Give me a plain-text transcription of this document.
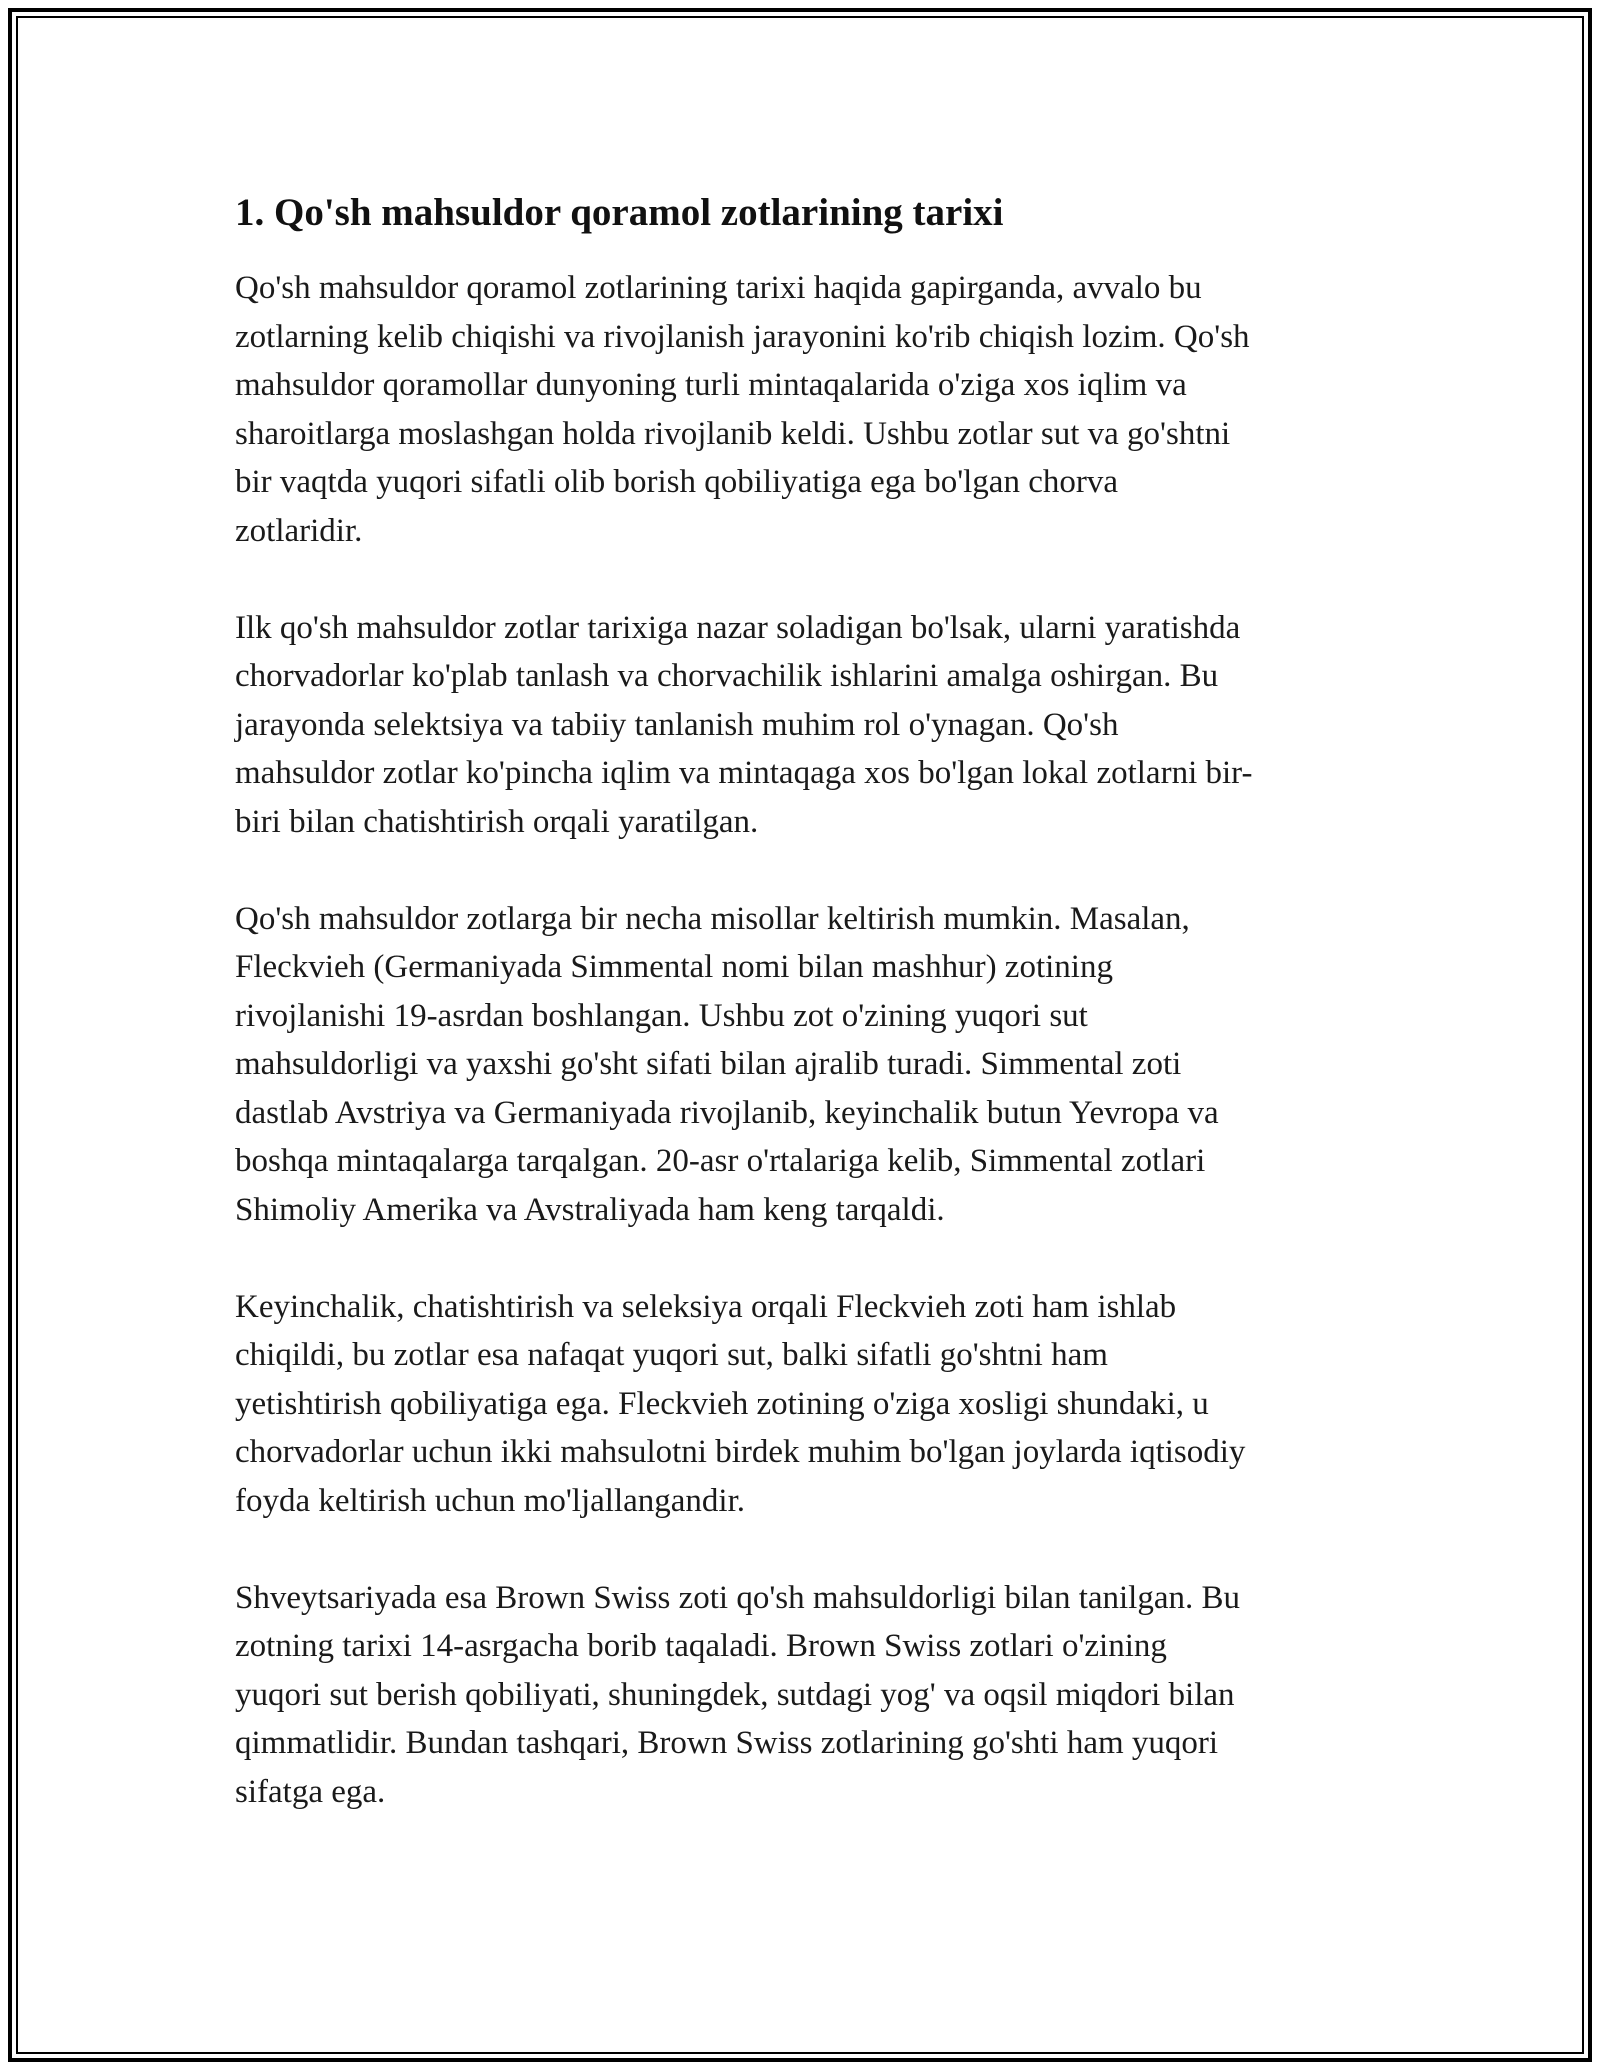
1. Qo'sh mahsuldor qoramol zotlarining tarixi

Qo'sh mahsuldor qoramol zotlarining tarixi haqida gapirganda, avvalo bu
zotlarning kelib chiqishi va rivojlanish jarayonini ko'rib chiqish lozim. Qo'sh
mahsuldor qoramollar dunyoning turli mintaqalarida o'ziga xos iqlim va
sharoitlarga moslashgan holda rivojlanib keldi. Ushbu zotlar sut va go'shtni
bir vaqtda yuqori sifatli olib borish qobiliyatiga ega bo'lgan chorva
zotlaridir.

Ilk qo'sh mahsuldor zotlar tarixiga nazar soladigan bo'lsak, ularni yaratishda
chorvadorlar ko'plab tanlash va chorvachilik ishlarini amalga oshirgan. Bu
jarayonda selektsiya va tabiiy tanlanish muhim rol o'ynagan. Qo'sh
mahsuldor zotlar ko'pincha iqlim va mintaqaga xos bo'lgan lokal zotlarni bir-
biri bilan chatishtirish orqali yaratilgan.

Qo'sh mahsuldor zotlarga bir necha misollar keltirish mumkin. Masalan,
Fleckvieh (Germaniyada Simmental nomi bilan mashhur) zotining
rivojlanishi 19-asrdan boshlangan. Ushbu zot o'zining yuqori sut
mahsuldorligi va yaxshi go'sht sifati bilan ajralib turadi. Simmental zoti
dastlab Avstriya va Germaniyada rivojlanib, keyinchalik butun Yevropa va
boshqa mintaqalarga tarqalgan. 20-asr o'rtalariga kelib, Simmental zotlari
Shimoliy Amerika va Avstraliyada ham keng tarqaldi.

Keyinchalik, chatishtirish va seleksiya orqali Fleckvieh zoti ham ishlab
chiqildi, bu zotlar esa nafaqat yuqori sut, balki sifatli go'shtni ham
yetishtirish qobiliyatiga ega. Fleckvieh zotining o'ziga xosligi shundaki, u
chorvadorlar uchun ikki mahsulotni birdek muhim bo'lgan joylarda iqtisodiy
foyda keltirish uchun mo'ljallangandir.

Shveytsariyada esa Brown Swiss zoti qo'sh mahsuldorligi bilan tanilgan. Bu
zotning tarixi 14-asrgacha borib taqaladi. Brown Swiss zotlari o'zining
yuqori sut berish qobiliyati, shuningdek, sutdagi yog' va oqsil miqdori bilan
qimmatlidir. Bundan tashqari, Brown Swiss zotlarining go'shti ham yuqori
sifatga ega.
